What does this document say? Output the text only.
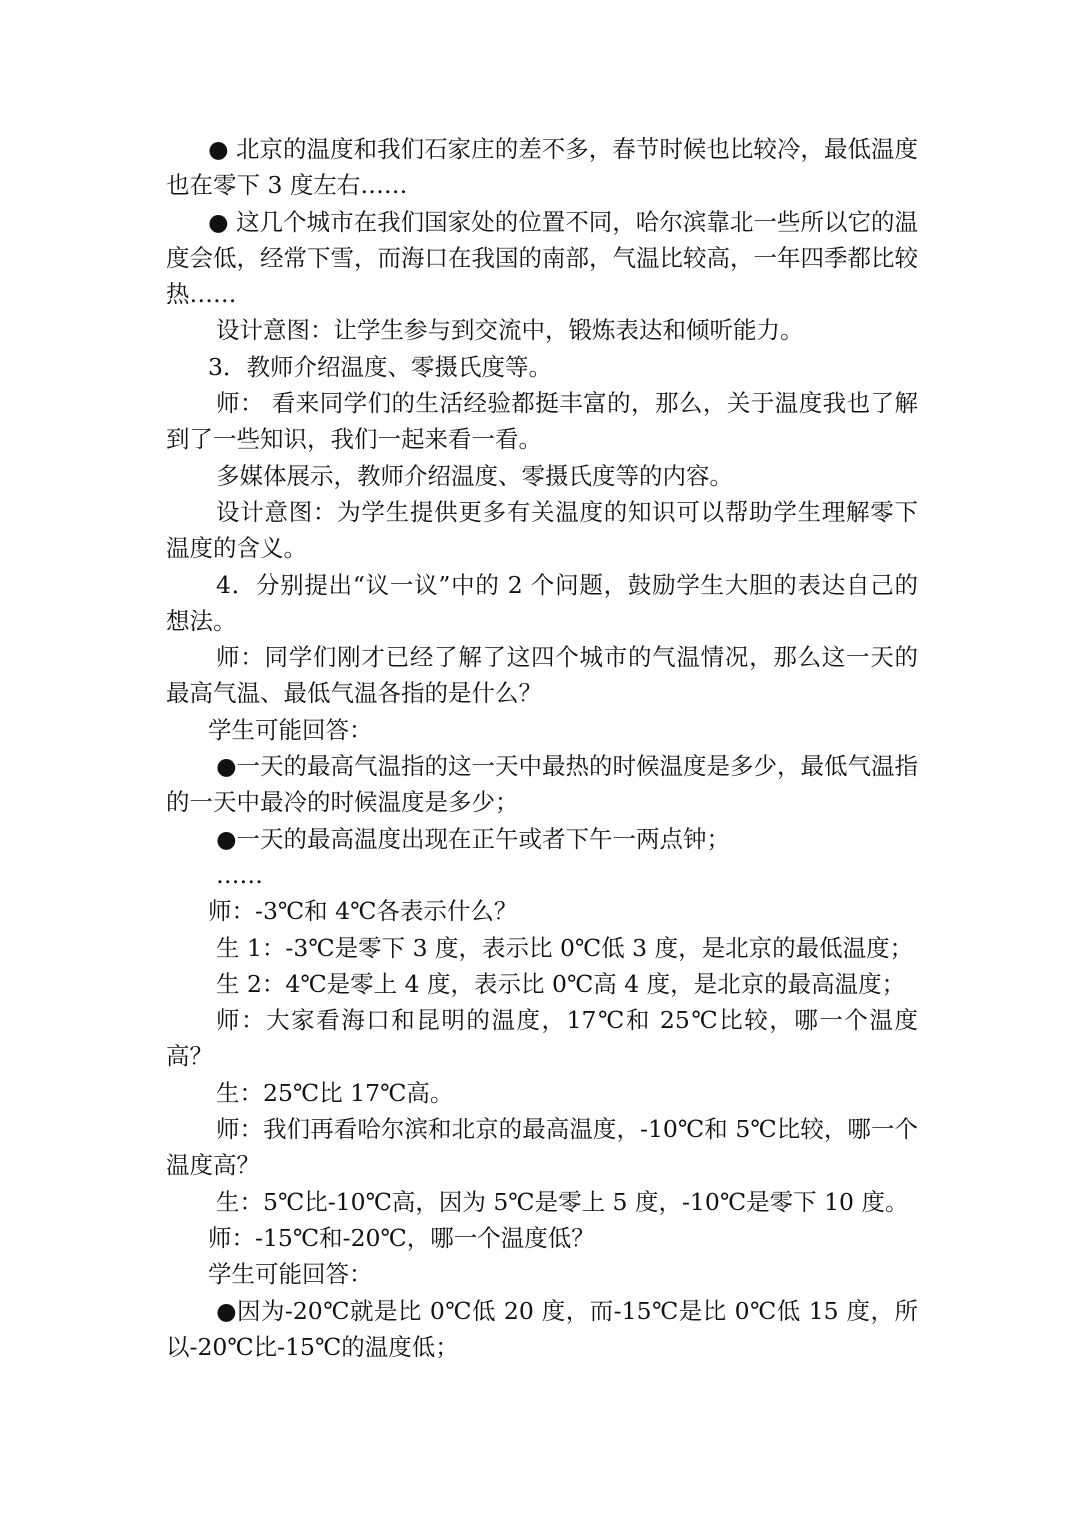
● 北京的温度和我们石家庄的差不多，春节时候也比较冷，最低温度也在零下 3 度左右……

● 这几个城市在我们国家处的位置不同，哈尔滨靠北一些所以它的温度会低，经常下雪，而海口在我国的南部，气温比较高，一年四季都比较热……

设计意图：让学生参与到交流中，锻炼表达和倾听能力。

3．教师介绍温度、零摄氏度等。

师： 看来同学们的生活经验都挺丰富的，那么，关于温度我也了解到了一些知识，我们一起来看一看。

多媒体展示，教师介绍温度、零摄氏度等的内容。

设计意图：为学生提供更多有关温度的知识可以帮助学生理解零下温度的含义。

4．分别提出“议一议”中的 2 个问题，鼓励学生大胆的表达自己的想法。

师：同学们刚才已经了解了这四个城市的气温情况，那么这一天的最高气温、最低气温各指的是什么？

学生可能回答：

●一天的最高气温指的这一天中最热的时候温度是多少，最低气温指的一天中最冷的时候温度是多少；

●一天的最高温度出现在正午或者下午一两点钟；

……

师：-3℃和 4℃各表示什么？

生 1：-3℃是零下 3 度，表示比 0℃低 3 度，是北京的最低温度；

生 2：4℃是零上 4 度，表示比 0℃高 4 度，是北京的最高温度；

师：大家看海口和昆明的温度，17℃和 25℃比较，哪一个温度高？

生：25℃比 17℃高。

师：我们再看哈尔滨和北京的最高温度，-10℃和 5℃比较，哪一个温度高？

生：5℃比-10℃高，因为 5℃是零上 5 度，-10℃是零下 10 度。

师：-15℃和-20℃，哪一个温度低？

学生可能回答：

●因为-20℃就是比 0℃低 20 度，而-15℃是比 0℃低 15 度，所以-20℃比-15℃的温度低；
